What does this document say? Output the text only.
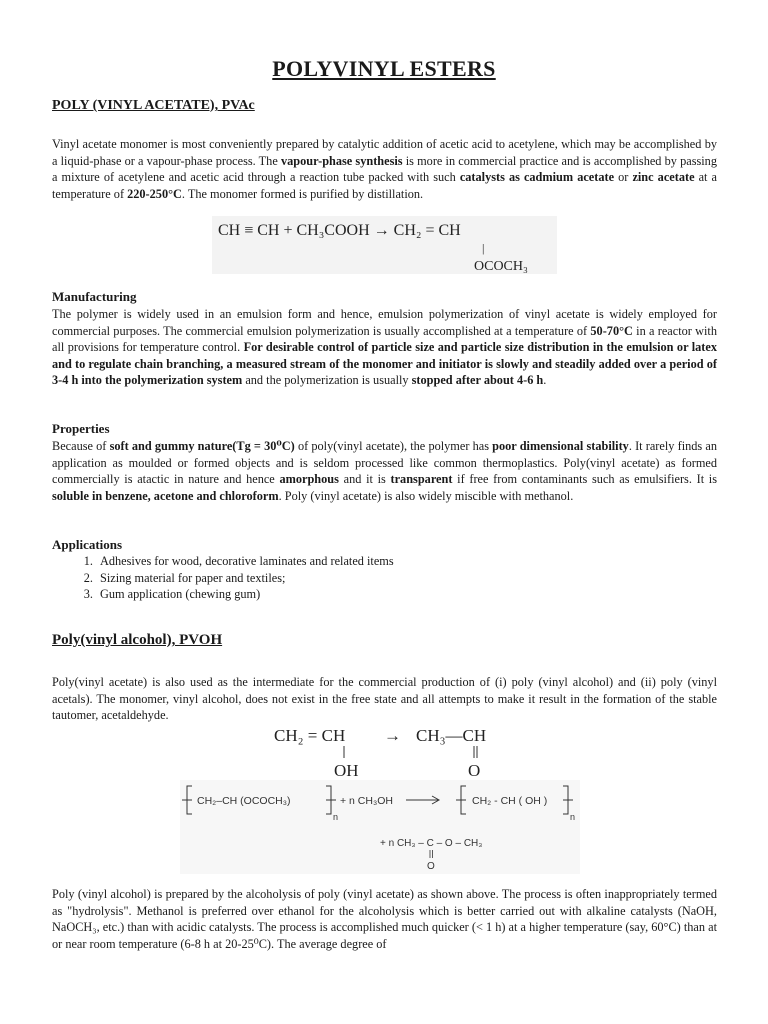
POLYVINYL ESTERS
POLY (VINYL ACETATE), PVAc
Vinyl acetate monomer is most conveniently prepared by catalytic addition of acetic acid to acetylene, which may be accomplished by a liquid-phase or a vapour-phase process. The vapour-phase synthesis is more in commercial practice and is accomplished by passing a mixture of acetylene and acetic acid through a reaction tube packed with such catalysts as cadmium acetate or zinc acetate at a temperature of 220-250°C. The monomer formed is purified by distillation.
CH ≡ CH + CH₃COOH → CH₂ = CH
|
OCOCH₃
Manufacturing
The polymer is widely used in an emulsion form and hence, emulsion polymerization of vinyl acetate is widely employed for commercial purposes. The commercial emulsion polymerization is usually accomplished at a temperature of 50-70°C in a reactor with all provisions for temperature control. For desirable control of particle size and particle size distribution in the emulsion or latex and to regulate chain branching, a measured stream of the monomer and initiator is slowly and steadily added over a period of 3-4 h into the polymerization system and the polymerization is usually stopped after about 4-6 h.
Properties
Because of soft and gummy nature(Tg = 30⁰C) of poly(vinyl acetate), the polymer has poor dimensional stability. It rarely finds an application as moulded or formed objects and is seldom processed like common thermoplastics. Poly(vinyl acetate) as formed commercially is atactic in nature and hence amorphous and it is transparent if free from contaminants such as emulsifiers. It is soluble in benzene, acetone and chloroform. Poly (vinyl acetate) is also widely miscible with methanol.
Applications
1. Adhesives for wood, decorative laminates and related items
2. Sizing material for paper and textiles;
3. Gum application (chewing gum)
Poly(vinyl alcohol), PVOH
Poly(vinyl acetate) is also used as the intermediate for the commercial production of (i) poly (vinyl alcohol) and (ii) poly (vinyl acetals). The monomer, vinyl alcohol, does not exist in the free state and all attempts to make it result in the formation of the stable tautomer, acetaldehyde.
CH₂ = CH → CH₃—CH
OH	O
CH₂–CH (OCOCH₃)
n
+ n CH₃OH	CH₂ - CH ( OH )
n
+ n CH₃ – C – O – CH₃
O
Poly (vinyl alcohol) is prepared by the alcoholysis of poly (vinyl acetate) as shown above. The process is often inappropriately termed as "hydrolysis". Methanol is preferred over ethanol for the alcoholysis which is better carried out with alkaline catalysts (NaOH, NaOCH₃, etc.) than with acidic catalysts. The process is accomplished much quicker (< 1 h) at a higher temperature (say, 60°C) than at or near room temperature (6-8 h at 20-25⁰C). The average degree of
